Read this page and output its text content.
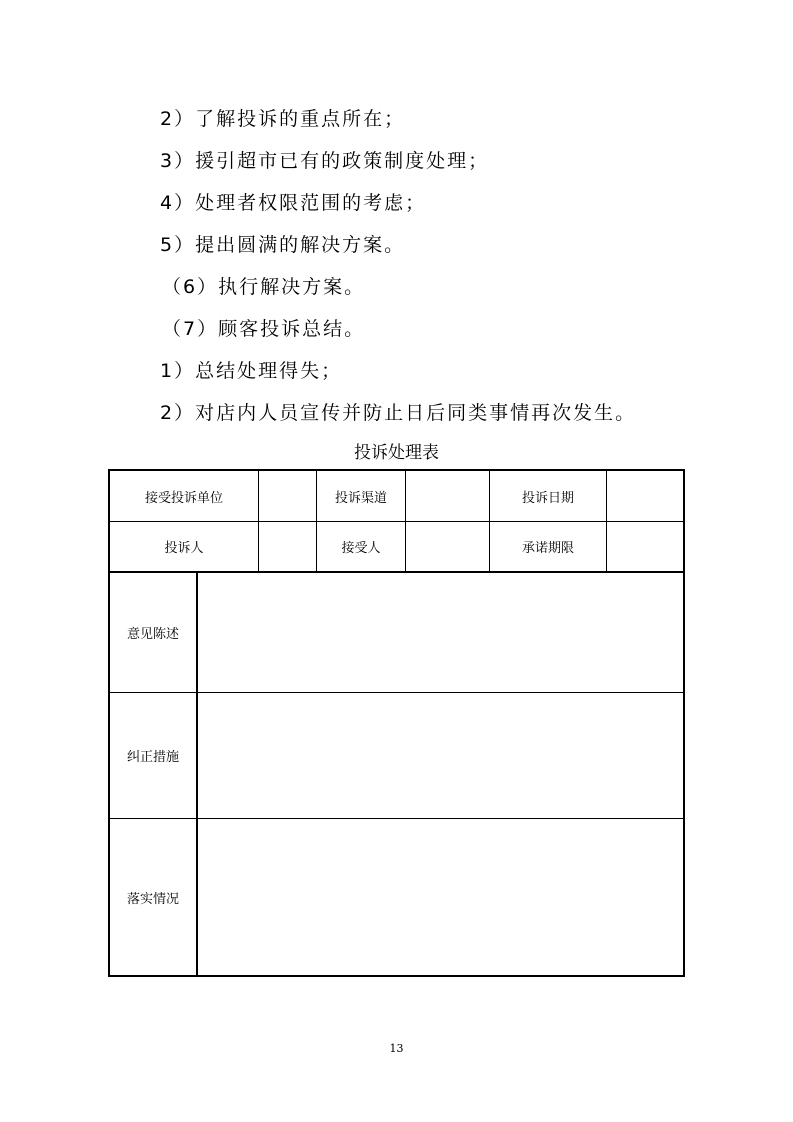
2）了解投诉的重点所在；
3）援引超市已有的政策制度处理；
4）处理者权限范围的考虑；
5）提出圆满的解决方案。
（6）执行解决方案。
（7）顾客投诉总结。
1）总结处理得失；
2）对店内人员宣传并防止日后同类事情再次发生。
投诉处理表
接受投诉单位	投诉渠道	投诉日期
投诉人	接受人	承诺期限
意见陈述
纠正措施
落实情况
13
